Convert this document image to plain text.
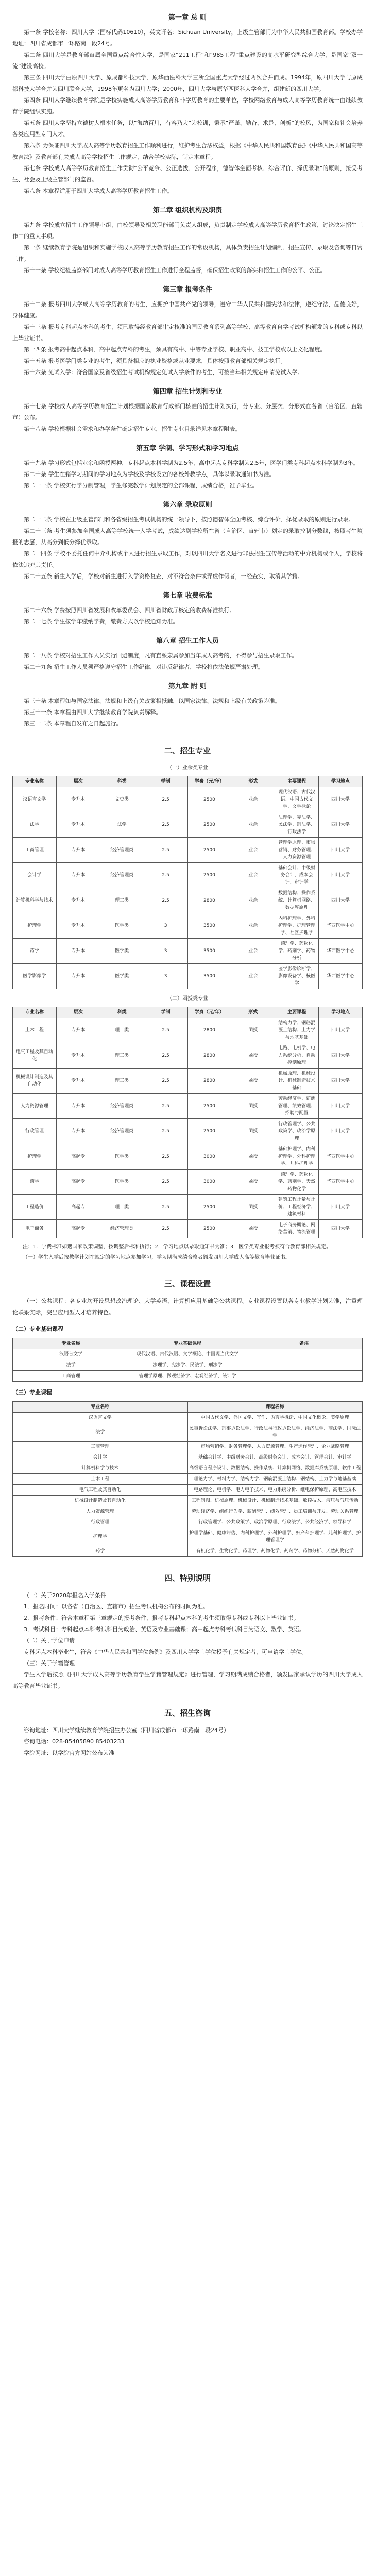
第一章 总 则

第一条 学校名称：四川大学（国标代码10610），英文译名：Sichuan University，上级主管部门为中华人民共和国教育部。学校办学地址：四川省成都市一环路南一段24号。

第二条 四川大学是教育部直属全国重点综合性大学，是国家“211工程”和“985工程”重点建设的高水平研究型综合大学，是国家“双一流”建设高校。

第三条 四川大学由原四川大学、原成都科技大学、原华西医科大学三所全国重点大学经过两次合并而成。1994年，原四川大学与原成都科技大学合并为四川联合大学，1998年更名为四川大学；2000年，四川大学与原华西医科大学合并，组建新的四川大学。

第四条 四川大学继续教育学院是学校实施成人高等学历教育和非学历教育的主要单位，学校网络教育与成人高等学历教育统一由继续教育学院组织实施。

第五条 四川大学坚持立德树人根本任务，以“海纳百川，有容乃大”为校训，秉承“严谨、勤奋、求是、创新”的校风，为国家和社会培养各类应用型专门人才。

第六条 为保证四川大学成人高等学历教育招生工作顺利进行，维护考生合法权益，根据《中华人民共和国教育法》《中华人民共和国高等教育法》及教育部有关成人高等学校招生工作规定，结合学校实际，制定本章程。

第七条 学校成人高等学历教育招生工作贯彻“公平竞争、公正选拔、公开程序，德智体全面考核、综合评价、择优录取”的原则，接受考生、社会及上级主管部门的监督。

第八条 本章程适用于四川大学成人高等学历教育招生工作。

第二章 组织机构及职责

第九条 学校成立招生工作领导小组，由校领导及相关职能部门负责人组成，负责制定学校成人高等学历教育招生政策，讨论决定招生工作中的重大事项。

第十条 继续教育学院是组织和实施学校成人高等学历教育招生工作的常设机构，具体负责招生计划编制、招生宣传、录取及咨询等日常工作。

第十一条 学校纪检监察部门对成人高等学历教育招生工作进行全程监督，确保招生政策的落实和招生工作的公平、公正。

第三章 报考条件

第十二条 报考四川大学成人高等学历教育的考生，应拥护中国共产党的领导，遵守中华人民共和国宪法和法律，遵纪守法，品德良好，身体健康。

第十三条 报考专科起点本科的考生，须已取得经教育部审定核准的国民教育系列高等学校、高等教育自学考试机构颁发的专科或专科以上毕业证书。

第十四条 报考高中起点本科、高中起点专科的考生，须具有高中、中等专业学校、职业高中、技工学校或以上文化程度。

第十五条 报考医学门类专业的考生，须具备相应的执业资格或从业要求，具体按照教育部相关规定执行。

第十六条 免试入学：符合国家及省级招生考试机构规定免试入学条件的考生，可按当年相关规定申请免试入学。

第四章 招生计划和专业

第十七条 学校成人高等学历教育招生计划根据国家教育行政部门核准的招生计划执行，分专业、分层次、分形式在各省（自治区、直辖市）公布。

第十八条 学校根据社会需求和办学条件确定招生专业，招生专业目录详见本章程附表。

第五章 学制、学习形式和学习地点

第十九条 学习形式包括业余和函授两种，专科起点本科学制为2.5年，高中起点专科学制为2.5年，医学门类专科起点本科学制为3年。

第二十条 学生在籍学习期间的学习地点为学校及学校设立的各校外教学点，具体以录取通知书为准。

第二十一条 学校实行学分制管理，学生修完教学计划规定的全部课程，成绩合格，准予毕业。

第六章 录取原则

第二十二条 学校在上级主管部门和各省级招生考试机构的统一领导下，按照德智体全面考核、综合评价、择优录取的原则进行录取。

第二十三条 考生须参加全国成人高等学校统一入学考试，成绩达到学校所在省（自治区、直辖市）划定的录取控制分数线，按照考生填报的志愿，从高分到低分择优录取。

第二十四条 学校不委托任何中介机构或个人进行招生录取工作，对以四川大学名义进行非法招生宣传等活动的中介机构或个人，学校将依法追究其责任。

第二十五条 新生入学后，学校对新生进行入学资格复查，对不符合条件或弄虚作假者，一经查实，取消其学籍。

第七章 收费标准

第二十六条 学费按照四川省发展和改革委员会、四川省财政厅核定的收费标准执行。

第二十七条 学生按学年缴纳学费，缴费方式以学校通知为准。

第八章 招生工作人员

第二十八条 学校对招生工作人员实行回避制度，凡有直系亲属参加当年成人高考的，不得参与招生录取工作。

第二十九条 招生工作人员须严格遵守招生工作纪律，对违反纪律者，学校将依法依规严肃处理。

第九章 附 则

第三十条 本章程如与国家法律、法规和上级有关政策相抵触，以国家法律、法规和上级有关政策为准。

第三十一条 本章程由四川大学继续教育学院负责解释。

第三十二条 本章程自发布之日起施行。

二、招生专业
（一）业余类专业
专业名称	层次	科类	学制	学费（元/年）	形式	主要课程	学习地点
汉语言文学	专升本	文史类	2.5	2500	业余	现代汉语、古代汉语、中国古代文学、文学概论	四川大学
法学	专升本	法学	2.5	2500	业余	法理学、宪法学、民法学、刑法学、行政法学	四川大学
工商管理	专升本	经济管理类	2.5	2500	业余	管理学原理、市场营销、财务管理、人力资源管理	四川大学
会计学	专升本	经济管理类	2.5	2500	业余	基础会计、中级财务会计、成本会计、审计学	四川大学
计算机科学与技术	专升本	理工类	2.5	2800	业余	数据结构、操作系统、计算机网络、数据库原理	四川大学
护理学	专升本	医学类	3	3500	业余	内科护理学、外科护理学、护理管理学、社区护理学	华西医学中心
药学	专升本	医学类	3	3500	业余	药理学、药物化学、药剂学、药物分析	华西医学中心
医学影像学	专升本	医学类	3	3500	业余	医学影像诊断学、影像设备学、核医学	华西医学中心
（二）函授类专业
专业名称	层次	科类	学制	学费（元/年）	形式	主要课程	学习地点
土木工程	专升本	理工类	2.5	2800	函授	结构力学、钢筋混凝土结构、土力学与地基基础	四川大学
电气工程及其自动化	专升本	理工类	2.5	2800	函授	电路、电机学、电力系统分析、自动控制原理	四川大学
机械设计制造及其自动化	专升本	理工类	2.5	2800	函授	机械原理、机械设计、机械制造技术基础	四川大学
人力资源管理	专升本	经济管理类	2.5	2500	函授	劳动经济学、薪酬管理、绩效管理、招聘与配置	四川大学
行政管理	专升本	经济管理类	2.5	2500	函授	行政管理学、公共政策学、政治学原理	四川大学
护理学	高起专	医学类	2.5	3000	函授	基础护理学、内科护理学、外科护理学、儿科护理学	华西医学中心
药学	高起专	医学类	2.5	3000	函授	药理学、药物化学、药剂学、天然药物化学	华西医学中心
工程造价	高起专	理工类	2.5	2500	函授	建筑工程计量与计价、工程经济学、建筑材料	四川大学
电子商务	高起专	经济管理类	2.5	2500	函授	电子商务概论、网络营销、物流管理	四川大学

注：1．学费标准如遇国家政策调整，按调整后标准执行；2．学习地点以录取通知书为准；3．医学类专业报考须符合教育部相关规定。

（一）学生入学后按教学计划在规定的学习地点参加学习，学习期满成绩合格者颁发四川大学成人高等教育毕业证书。

三、课程设置

（一）公共课程：各专业均开设思想政治理论、大学英语、计算机应用基础等公共课程。专业课程设置以各专业教学计划为准，注重理论联系实际，突出应用型人才培养特色。

（二）专业基础课程
专业名称	专业基础课程	备注
汉语言文学	现代汉语、古代汉语、文学概论、中国现当代文学	
法学	法理学、宪法学、民法学、刑法学	
工商管理	管理学原理、微观经济学、宏观经济学、统计学	
（三）专业课程
专业名称	课程名称
汉语言文学	中国古代文学、外国文学、写作、语言学概论、中国文化概论、美学原理
法学	民事诉讼法学、刑事诉讼法学、行政法与行政诉讼法学、经济法学、商法学、国际法学
工商管理	市场营销学、财务管理学、人力资源管理、生产运作管理、企业战略管理
会计学	基础会计学、中级财务会计、高级财务会计、成本会计、管理会计、审计学
计算机科学与技术	高级语言程序设计、数据结构、操作系统、计算机网络、数据库系统原理、软件工程
土木工程	理论力学、材料力学、结构力学、钢筋混凝土结构、钢结构、土力学与地基基础
电气工程及其自动化	电路理论、电机学、电力电子技术、电力系统分析、继电保护原理、高电压技术
机械设计制造及其自动化	工程制图、机械原理、机械设计、机械制造技术基础、数控技术、液压与气压传动
人力资源管理	劳动经济学、组织行为学、薪酬管理、绩效管理、员工培训与开发、劳动关系管理
行政管理	行政管理学、公共政策学、政治学原理、行政法学、公共经济学、领导科学
护理学	护理学基础、健康评估、内科护理学、外科护理学、妇产科护理学、儿科护理学、护理管理学
药学	有机化学、生物化学、药理学、药物化学、药剂学、药物分析、天然药物化学
四、特别说明

（一）关于2020年报名入学条件

1．报名时间：以各省（自治区、直辖市）招生考试机构公布的时间为准。

2．报考条件：符合本章程第三章规定的报考条件，报考专科起点本科的考生须取得专科或专科以上毕业证书。

3．考试科目：专科起点本科考试科目为政治、英语及专业基础课；高中起点专科考试科目为语文、数学、英语。

（二）关于学位申请

专科起点本科毕业生，符合《中华人民共和国学位条例》及四川大学学士学位授予有关规定者，可申请学士学位。

（三）关于学籍管理

学生入学后按照《四川大学成人高等学历教育学生学籍管理规定》进行管理，学习期满成绩合格者，颁发国家承认学历的四川大学成人高等教育毕业证书。

五、招生咨询

咨询地址：四川大学继续教育学院招生办公室（四川省成都市一环路南一段24号）

咨询电话：028-85405890 85403233

学院网址：以学院官方网站公布为准
